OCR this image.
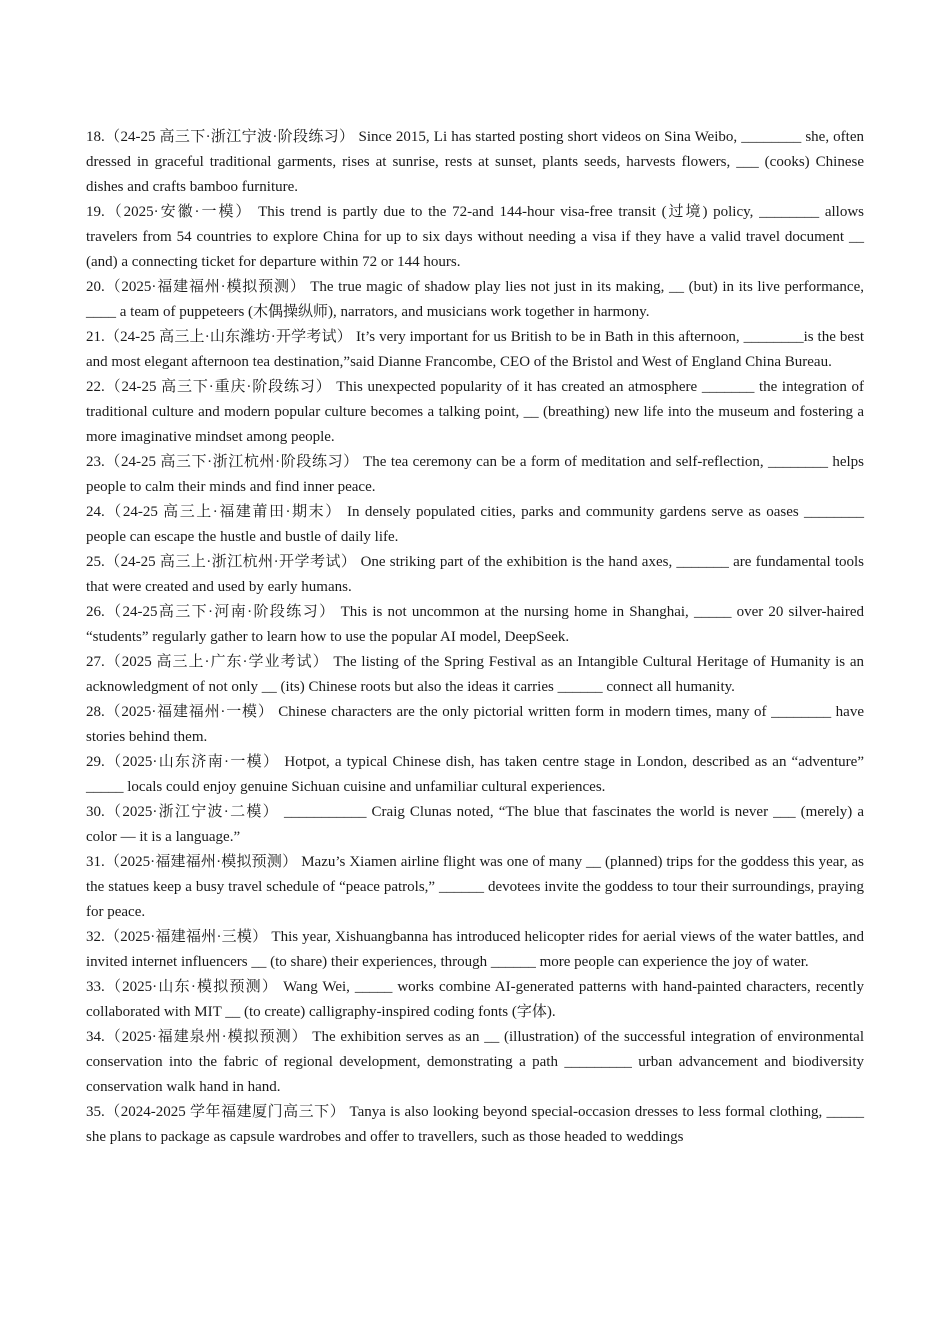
18.（24-25 高三下·浙江宁波·阶段练习） Since 2015, Li has started posting short videos on Sina Weibo, ________ she, often dressed in graceful traditional garments, rises at sunrise, rests at sunset, plants seeds, harvests flowers, ___ (cooks) Chinese dishes and crafts bamboo furniture.

19.（2025·安徽·一模） This trend is partly due to the 72-and 144-hour visa-free transit (过境) policy, ________ allows travelers from 54 countries to explore China for up to six days without needing a visa if they have a valid travel document __ (and) a connecting ticket for departure within 72 or 144 hours.

20.（2025·福建福州·模拟预测） The true magic of shadow play lies not just in its making, __ (but) in its live performance, ____ a team of puppeteers (木偶操纵师), narrators, and musicians work together in harmony.

21.（24-25 高三上·山东潍坊·开学考试） It’s very important for us British to be in Bath in this afternoon, ________is the best and most elegant afternoon tea destination,”said Dianne Francombe, CEO of the Bristol and West of England China Bureau.

22.（24-25 高三下·重庆·阶段练习） This unexpected popularity of it has created an atmosphere _______ the integration of traditional culture and modern popular culture becomes a talking point, __ (breathing) new life into the museum and fostering a more imaginative mindset among people.

23.（24-25 高三下·浙江杭州·阶段练习） The tea ceremony can be a form of meditation and self-reflection, ________ helps people to calm their minds and find inner peace.

24.（24-25 高三上·福建莆田·期末） In densely populated cities, parks and community gardens serve as oases ________ people can escape the hustle and bustle of daily life.

25.（24-25 高三上·浙江杭州·开学考试） One striking part of the exhibition is the hand axes, _______ are fundamental tools that were created and used by early humans.

26.（24-25高三下·河南·阶段练习） This is not uncommon at the nursing home in Shanghai, _____ over 20 silver-haired “students” regularly gather to learn how to use the popular AI model, DeepSeek.

27.（2025 高三上·广东·学业考试） The listing of the Spring Festival as an Intangible Cultural Heritage of Humanity is an acknowledgment of not only __ (its) Chinese roots but also the ideas it carries ______ connect all humanity.

28.（2025·福建福州·一模） Chinese characters are the only pictorial written form in modern times, many of ________ have stories behind them.

29.（2025·山东济南·一模） Hotpot, a typical Chinese dish, has taken centre stage in London, described as an “adventure” _____ locals could enjoy genuine Sichuan cuisine and unfamiliar cultural experiences.

30.（2025·浙江宁波·二模） ___________ Craig Clunas noted, “The blue that fascinates the world is never ___ (merely) a color — it is a language.”

31.（2025·福建福州·模拟预测） Mazu’s Xiamen airline flight was one of many __ (planned) trips for the goddess this year, as the statues keep a busy travel schedule of “peace patrols,” ______ devotees invite the goddess to tour their surroundings, praying for peace.

32.（2025·福建福州·三模） This year, Xishuangbanna has introduced helicopter rides for aerial views of the water battles, and invited internet influencers __ (to share) their experiences, through ______ more people can experience the joy of water.

33.（2025·山东·模拟预测） Wang Wei, _____ works combine AI-generated patterns with hand-painted characters, recently collaborated with MIT __ (to create) calligraphy-inspired coding fonts (字体).

34.（2025·福建泉州·模拟预测） The exhibition serves as an __ (illustration) of the successful integration of environmental conservation into the fabric of regional development, demonstrating a path _________ urban advancement and biodiversity conservation walk hand in hand.

35.（2024-2025 学年福建厦门高三下） Tanya is also looking beyond special-occasion dresses to less formal clothing, _____ she plans to package as capsule wardrobes and offer to travellers, such as those headed to weddings
